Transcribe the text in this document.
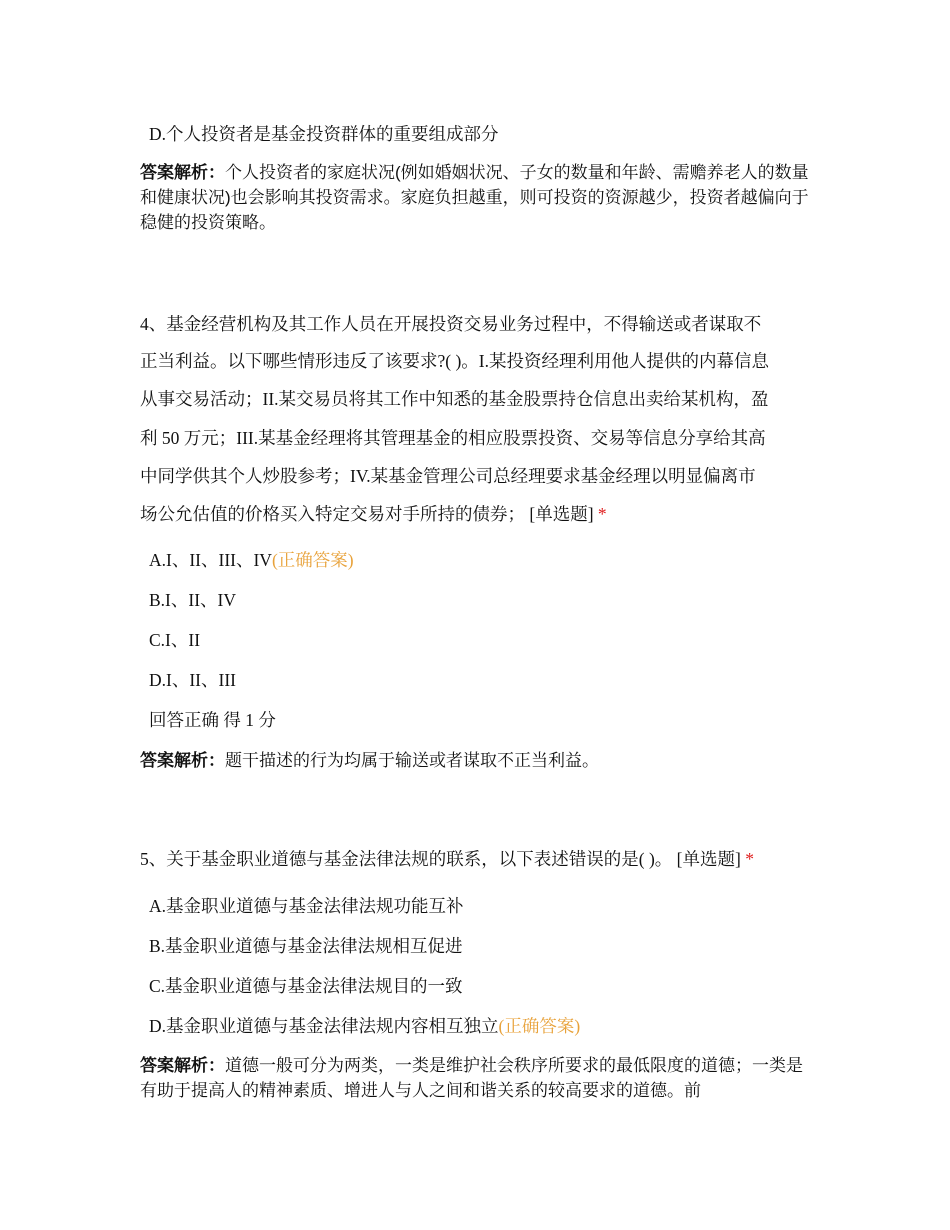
D.个人投资者是基金投资群体的重要组成部分
答案解析：个人投资者的家庭状况(例如婚姻状况、子女的数量和年龄、需赡养老人的数量和健康状况)也会影响其投资需求。家庭负担越重，则可投资的资源越少，投资者越偏向于稳健的投资策略。
4、基金经营机构及其工作人员在开展投资交易业务过程中，不得输送或者谋取不
正当利益。以下哪些情形违反了该要求?( )。I.某投资经理利用他人提供的内幕信息
从事交易活动；II.某交易员将其工作中知悉的基金股票持仓信息出卖给某机构，盈
利 50 万元；III.某基金经理将其管理基金的相应股票投资、交易等信息分享给其高
中同学供其个人炒股参考；IV.某基金管理公司总经理要求基金经理以明显偏离市
场公允估值的价格买入特定交易对手所持的债券； [单选题] *
A.I、II、III、IV(正确答案)
B.I、II、IV
C.I、II
D.I、II、III
回答正确 得 1 分
答案解析：题干描述的行为均属于输送或者谋取不正当利益。
5、关于基金职业道德与基金法律法规的联系，以下表述错误的是( )。 [单选题] *
A.基金职业道德与基金法律法规功能互补
B.基金职业道德与基金法律法规相互促进
C.基金职业道德与基金法律法规目的一致
D.基金职业道德与基金法律法规内容相互独立(正确答案)
答案解析：道德一般可分为两类，一类是维护社会秩序所要求的最低限度的道德；一类是有助于提高人的精神素质、增进人与人之间和谐关系的较高要求的道德。前
